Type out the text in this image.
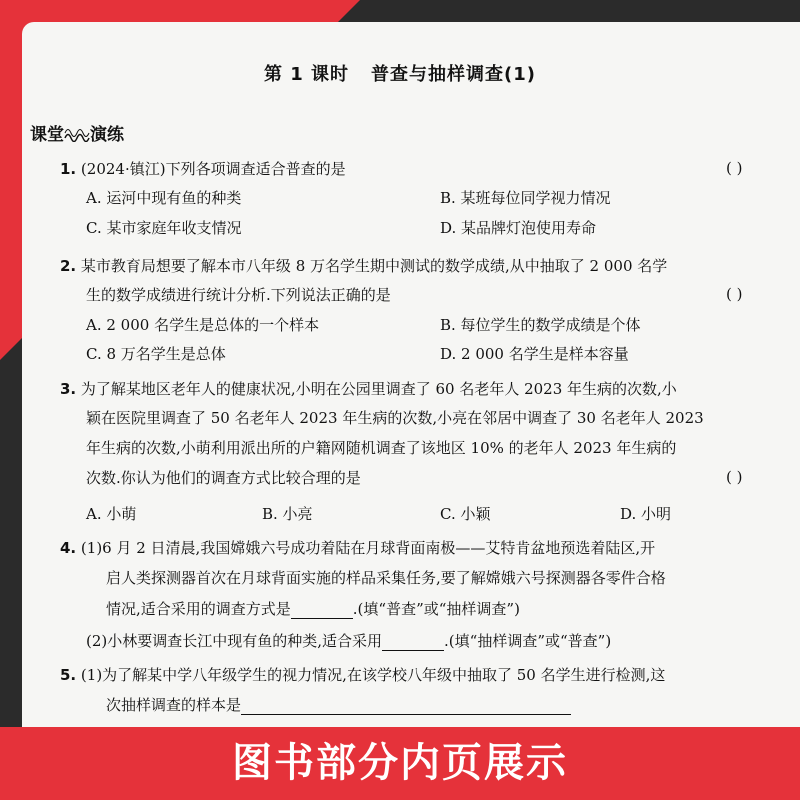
第 1 课时 普查与抽样调查(1)
课堂 演练
1. (2024·镇江)下列各项调查适合普查的是	( )
A. 运河中现有鱼的种类	B. 某班每位同学视力情况
C. 某市家庭年收支情况	D. 某品牌灯泡使用寿命
2. 某市教育局想要了解本市八年级 8 万名学生期中测试的数学成绩,从中抽取了 2 000 名学
生的数学成绩进行统计分析.下列说法正确的是	( )
A. 2 000 名学生是总体的一个样本	B. 每位学生的数学成绩是个体
C. 8 万名学生是总体	D. 2 000 名学生是样本容量
3. 为了解某地区老年人的健康状况,小明在公园里调查了 60 名老年人 2023 年生病的次数,小
颖在医院里调查了 50 名老年人 2023 年生病的次数,小亮在邻居中调查了 30 名老年人 2023
年生病的次数,小萌利用派出所的户籍网随机调查了该地区 10% 的老年人 2023 年生病的
次数.你认为他们的调查方式比较合理的是	( )
A. 小萌	B. 小亮	C. 小颖	D. 小明
4. (1)6 月 2 日清晨,我国嫦娥六号成功着陆在月球背面南极——艾特肯盆地预选着陆区,开
启人类探测器首次在月球背面实施的样品采集任务,要了解嫦娥六号探测器各零件合格
情况,适合采用的调查方式是	.(填“普查”或“抽样调查”)
(2)小林要调查长江中现有鱼的种类,适合采用	.(填“抽样调查”或“普查”)
5. (1)为了解某中学八年级学生的视力情况,在该学校八年级中抽取了 50 名学生进行检测,这
次抽样调查的样本是
图书部分内页展示
